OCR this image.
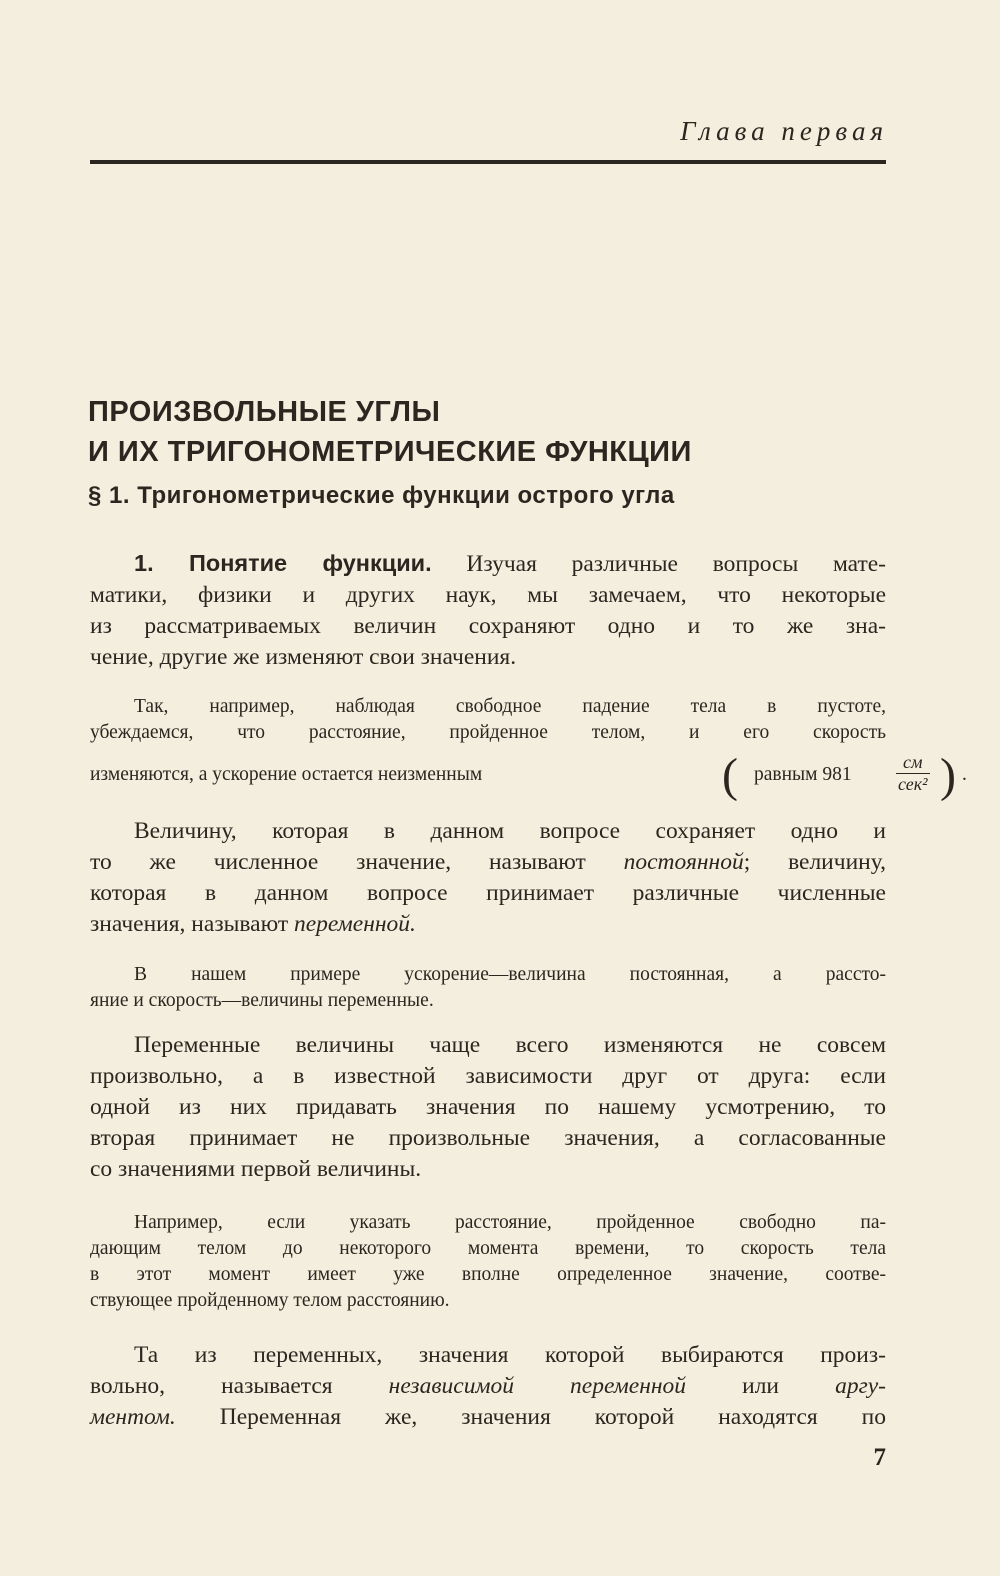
Глава первая
ПРОИЗВОЛЬНЫЕ УГЛЫ
И ИХ ТРИГОНОМЕТРИЧЕСКИЕ ФУНКЦИИ
§ 1. Тригонометрические функции острого угла
1. Понятие функции. Изучая различные вопросы мате-
матики, физики и других наук, мы замечаем, что некоторые
из рассматриваемых величин сохраняют одно и то же зна-
чение, другие же изменяют свои значения.
Так, например, наблюдая свободное падение тела в пустоте,
убеждаемся, что расстояние, пройденное телом, и его скорость
изменяются, а ускорение остается неизменным	( равным 981
см
сек² ) .
Величину, которая в данном вопросе сохраняет одно и
то же численное значение, называют постоянной; величину,
которая в данном вопросе принимает различные численные
значения, называют переменной.
В нашем примере ускорение—величина постоянная, а рассто-
яние и скорость—величины переменные.
Переменные величины чаще всего изменяются не совсем
произвольно, а в известной зависимости друг от друга: если
одной из них придавать значения по нашему усмотрению, то
вторая принимает не произвольные значения, а согласованные
со значениями первой величины.
Например, если указать расстояние, пройденное свободно па-
дающим телом до некоторого момента времени, то скорость тела
в этот момент имеет уже вполне определенное значение, соотве-
ствующее пройденному телом расстоянию.
Та из переменных, значения которой выбираются произ-
вольно, называется независимой переменной или аргу-
ментом. Переменная же, значения которой находятся по
7
